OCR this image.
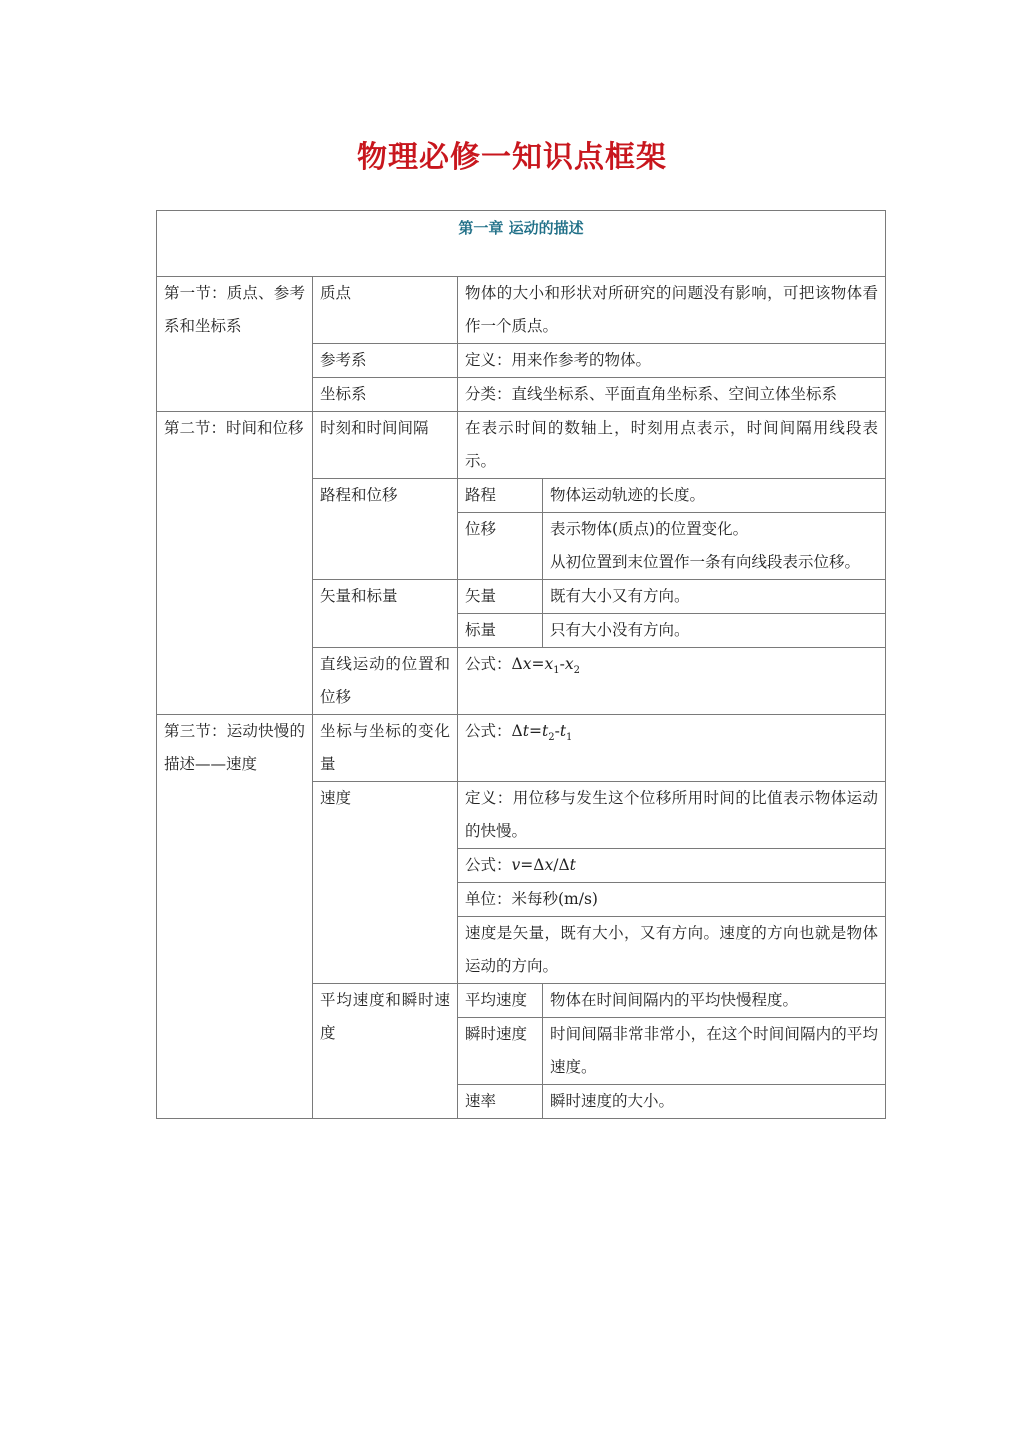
物理必修一知识点框架
第一章 运动的描述			
第一节：质点、参考系和坐标系	质点	物体的大小和形状对所研究的问题没有影响，可把该物体看作一个质点。	
	参考系	定义：用来作参考的物体。	
	坐标系	分类：直线坐标系、平面直角坐标系、空间立体坐标系	
第二节：时间和位移	时刻和时间间隔	在表示时间的数轴上，时刻用点表示，时间间隔用线段表示。	
	路程和位移	路程	物体运动轨迹的长度。
		位移	表示物体(质点)的位置变化。
从初位置到末位置作一条有向线段表示位移。

	矢量和标量	矢量	既有大小又有方向。
		标量	只有大小没有方向。
	直线运动的位置和位移	公式：$\Delta x=x_1-x_2$
第三节：运动快慢的描述——速度	坐标与坐标的变化量	公式：$\Delta t=t_2-t_1$
	速度	定义：用位移与发生这个位移所用时间的比值表示物体运动的快慢。	
		公式：v=Δx/Δt	
		单位：米每秒(m/s)	
		速度是矢量，既有大小，又有方向。速度的方向也就是物体运动的方向。	
	平均速度和瞬时速度	平均速度	物体在时间间隔内的平均快慢程度。
		瞬时速度	时间间隔非常非常小，在这个时间间隔内的平均速度。
		速率	瞬时速度的大小。
